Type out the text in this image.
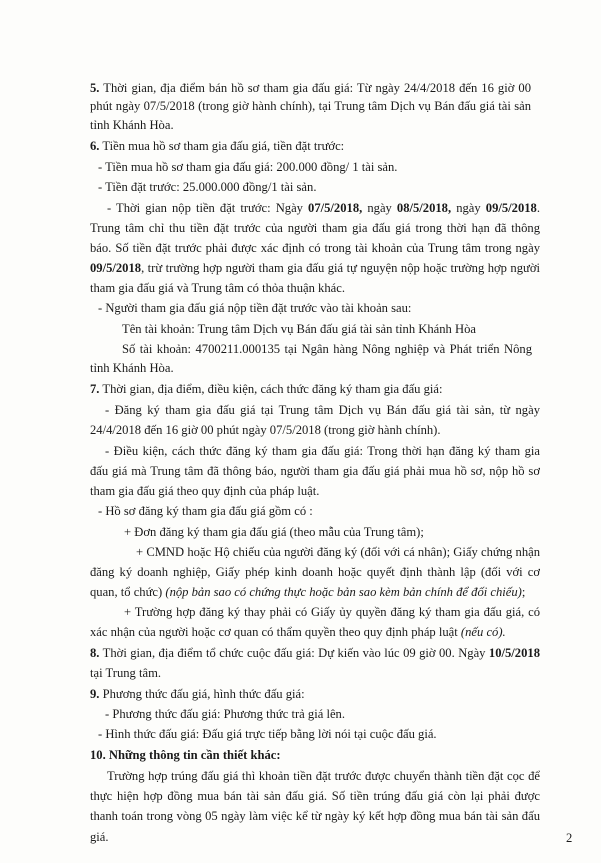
5. Thời gian, địa điểm bán hồ sơ tham gia đấu giá: Từ ngày 24/4/2018 đến 16 giờ 00
phút ngày 07/5/2018 (trong giờ hành chính), tại Trung tâm Dịch vụ Bán đấu giá tài sản
tỉnh Khánh Hòa.
6. Tiền mua hồ sơ tham gia đấu giá, tiền đặt trước:
- Tiền mua hồ sơ tham gia đấu giá: 200.000 đồng/ 1 tài sản.
- Tiền đặt trước: 25.000.000 đồng/1 tài sản.
- Thời gian nộp tiền đặt trước: Ngày 07/5/2018, ngày 08/5/2018, ngày 09/5/2018.
Trung tâm chỉ thu tiền đặt trước của người tham gia đấu giá trong thời hạn đã thông
báo. Số tiền đặt trước phải được xác định có trong tài khoản của Trung tâm trong ngày
09/5/2018, trừ trường hợp người tham gia đấu giá tự nguyện nộp hoặc trường hợp người
tham gia đấu giá và Trung tâm có thỏa thuận khác.
- Người tham gia đấu giá nộp tiền đặt trước vào tài khoản sau:
Tên tài khoản: Trung tâm Dịch vụ Bán đấu giá tài sản tỉnh Khánh Hòa
Số tài khoản: 4700211.000135 tại Ngân hàng Nông nghiệp và Phát triển Nông
tỉnh Khánh Hòa.
7. Thời gian, địa điểm, điều kiện, cách thức đăng ký tham gia đấu giá:
- Đăng ký tham gia đấu giá tại Trung tâm Dịch vụ Bán đấu giá tài sản, từ ngày
24/4/2018 đến 16 giờ 00 phút ngày 07/5/2018 (trong giờ hành chính).
- Điều kiện, cách thức đăng ký tham gia đấu giá: Trong thời hạn đăng ký tham gia
đấu giá mà Trung tâm đã thông báo, người tham gia đấu giá phải mua hồ sơ, nộp hồ sơ
tham gia đấu giá theo quy định của pháp luật.
- Hồ sơ đăng ký tham gia đấu giá gồm có :
+ Đơn đăng ký tham gia đấu giá (theo mẫu của Trung tâm);
+ CMND hoặc Hộ chiếu của người đăng ký (đối với cá nhân); Giấy chứng nhận
đăng ký doanh nghiệp, Giấy phép kinh doanh hoặc quyết định thành lập (đối với cơ
quan, tổ chức) (nộp bản sao có chứng thực hoặc bản sao kèm bản chính để đối chiếu);
+ Trường hợp đăng ký thay phải có Giấy ủy quyền đăng ký tham gia đấu giá, có
xác nhận của người hoặc cơ quan có thẩm quyền theo quy định pháp luật (nếu có).
8. Thời gian, địa điểm tổ chức cuộc đấu giá: Dự kiến vào lúc 09 giờ 00. Ngày 10/5/2018
tại Trung tâm.
9. Phương thức đấu giá, hình thức đấu giá:
- Phương thức đấu giá: Phương thức trả giá lên.
- Hình thức đấu giá: Đấu giá trực tiếp bằng lời nói tại cuộc đấu giá.
10. Những thông tin cần thiết khác:
Trường hợp trúng đấu giá thì khoản tiền đặt trước được chuyển thành tiền đặt cọc để
thực hiện hợp đồng mua bán tài sản đấu giá. Số tiền trúng đấu giá còn lại phải được
thanh toán trong vòng 05 ngày làm việc kể từ ngày ký kết hợp đồng mua bán tài sản đấu
giá.	2
